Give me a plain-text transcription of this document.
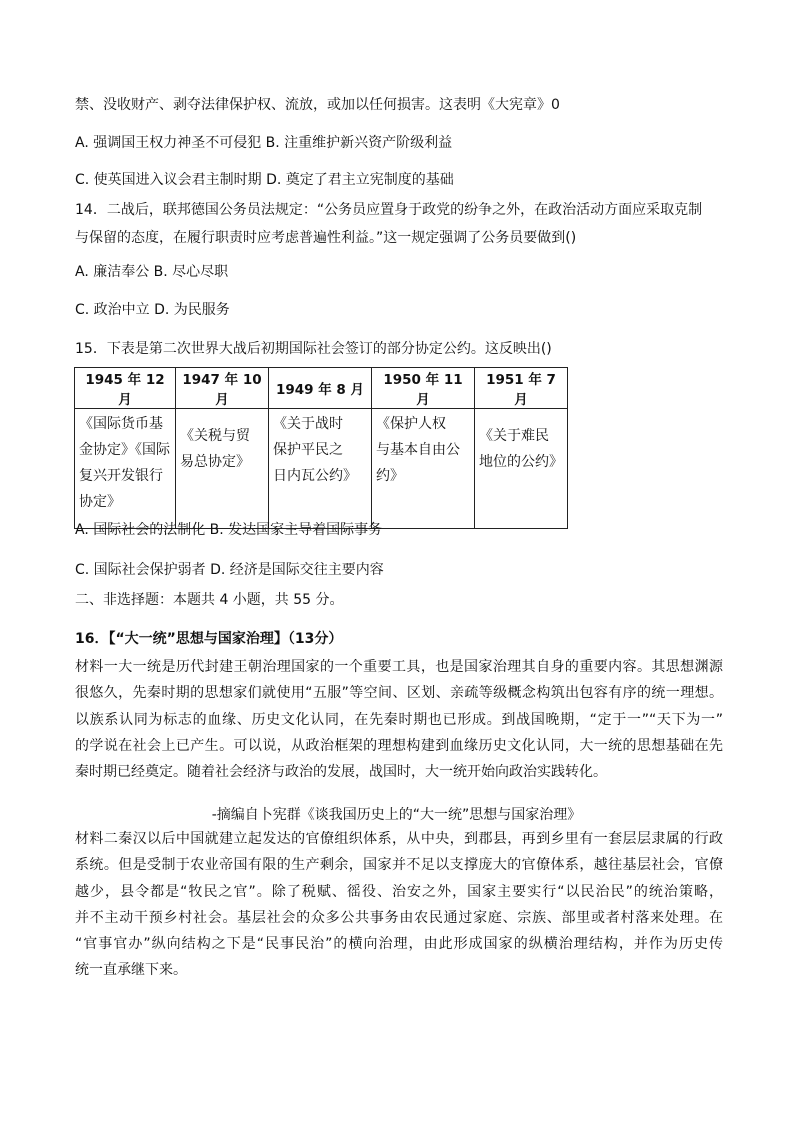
禁、没收财产、剥夺法律保护权、流放，或加以任何损害。这表明《大宪章》0
A. 强调国王权力神圣不可侵犯 B. 注重维护新兴资产阶级利益
C. 使英国进入议会君主制时期 D. 奠定了君主立宪制度的基础
14．二战后，联邦德国公务员法规定：“公务员应置身于政党的纷争之外，在政治活动方面应采取克制
与保留的态度，在履行职责时应考虑普遍性利益。”这一规定强调了公务员要做到()
A. 廉洁奉公 B. 尽心尽职
C. 政治中立 D. 为民服务
15．下表是第二次世界大战后初期国际社会签订的部分协定公约。这反映出()
1945 年 12 月	1947 年 10 月	1949 年 8 月	1950 年 11 月	1951 年 7 月

《国际货币基
金协定》《国际
复兴开发银行
协定》	《关税与贸
易总协定》	《关于战时
保护平民之
日内瓦公约》	《保护人权
与基本自由公
约》	《关于难民
地位的公约》
A. 国际社会的法制化 B. 发达国家主导着国际事务
C. 国际社会保护弱者 D. 经济是国际交往主要内容
二、非选择题：本题共 4 小题，共 55 分。
16．【“大一统”思想与国家治理】（13分）

材料一大一统是历代封建王朝治理国家的一个重要工具，也是国家治理其自身的重要内容。其思想渊源

很悠久，先秦时期的思想家们就使用“五服”等空间、区划、亲疏等级概念构筑出包容有序的统一理想。

以族系认同为标志的血缘、历史文化认同，在先秦时期也已形成。到战国晚期，“定于一”“天下为一”

的学说在社会上已产生。可以说，从政治框架的理想构建到血缘历史文化认同，大一统的思想基础在先

秦时期已经奠定。随着社会经济与政治的发展，战国时，大一统开始向政治实践转化。

-摘编自卜宪群《谈我国历史上的“大一统”思想与国家治理》

材料二秦汉以后中国就建立起发达的官僚组织体系，从中央，到郡县，再到乡里有一套层层隶属的行政

系统。但是受制于农业帝国有限的生产剩余，国家并不足以支撑庞大的官僚体系，越往基层社会，官僚

越少，县令都是“牧民之官”。除了税赋、徭役、治安之外，国家主要实行“以民治民”的统治策略，

并不主动干预乡村社会。基层社会的众多公共事务由农民通过家庭、宗族、部里或者村落来处理。在

“官事官办”纵向结构之下是“民事民治”的横向治理，由此形成国家的纵横治理结构，并作为历史传

统一直承继下来。
